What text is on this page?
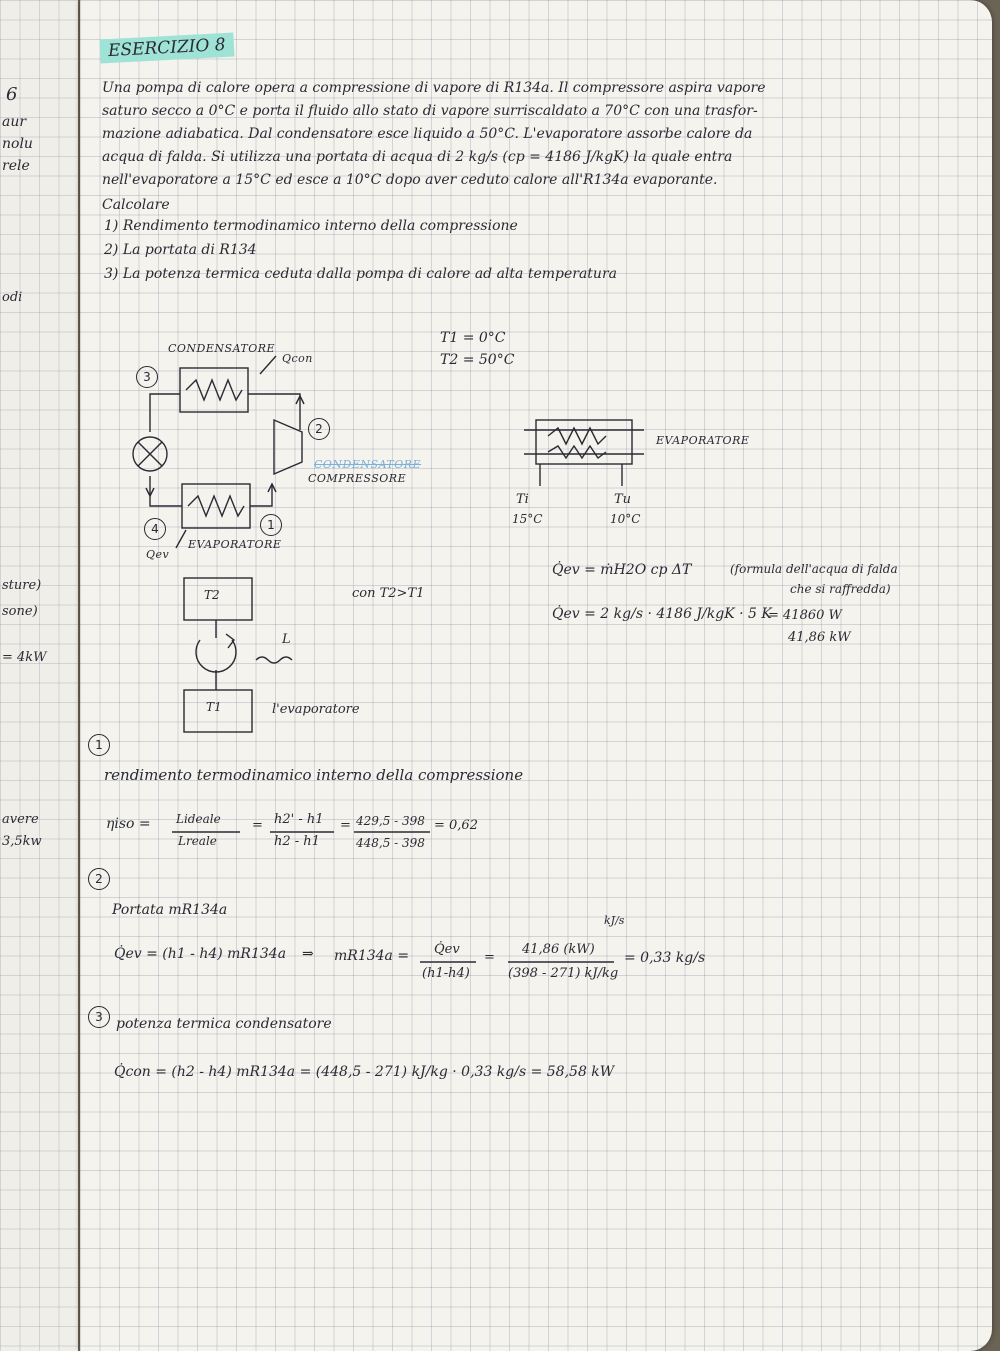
6
aur
nolu
rele
odi
sture)
sone)
= 4kW
avere
3,5kw
ESERCIZIO 8
Una pompa di calore opera a compressione di vapore di R134a. Il compressore aspira vapore
saturo secco a 0°C e porta il fluido allo stato di vapore surriscaldato a 70°C con una trasfor-
mazione adiabatica. Dal condensatore esce liquido a 50°C. L'evaporatore assorbe calore da
acqua di falda. Si utilizza una portata di acqua di 2 kg/s (cp = 4186 J/kgK) la quale entra
nell'evaporatore a 15°C ed esce a 10°C dopo aver ceduto calore all'R134a evaporante.
Calcolare
1) Rendimento termodinamico interno della compressione
2) La portata di R134
3) La potenza termica ceduta dalla pompa di calore ad alta temperatura
CONDENSATORE
Qcon
CONDENSATORE
COMPRESSORE
EVAPORATORE
Qev
3
2
1
4
T1 = 0°C
T2 = 50°C
EVAPORATORE
Ti
15°C
Tu
10°C
T2
T1
con T2>T1
L
l'evaporatore
Q̇ev = ṁH2O cp ΔT	(formula dell'acqua di falda
che si raffredda)
Q̇ev = 2 kg/s · 4186 J/kgK · 5 K
= 41860 W
41,86 kW
1
rendimento termodinamico interno della compressione
ηiso = Lideale
Lreale
= h2' - h1
h2 - h1
= 429,5 - 398
448,5 - 398
= 0,62
2
Portata mR134a
Q̇ev = (h1 - h4) mR134a ⇒ mR134a = Q̇ev
(h1-h4)
=
41,86 (kW)
(398 - 271) kJ/kg
kJ/s
= 0,33 kg/s
3 potenza termica condensatore
Q̇con = (h2 - h4) mR134a = (448,5 - 271) kJ/kg · 0,33 kg/s = 58,58 kW
